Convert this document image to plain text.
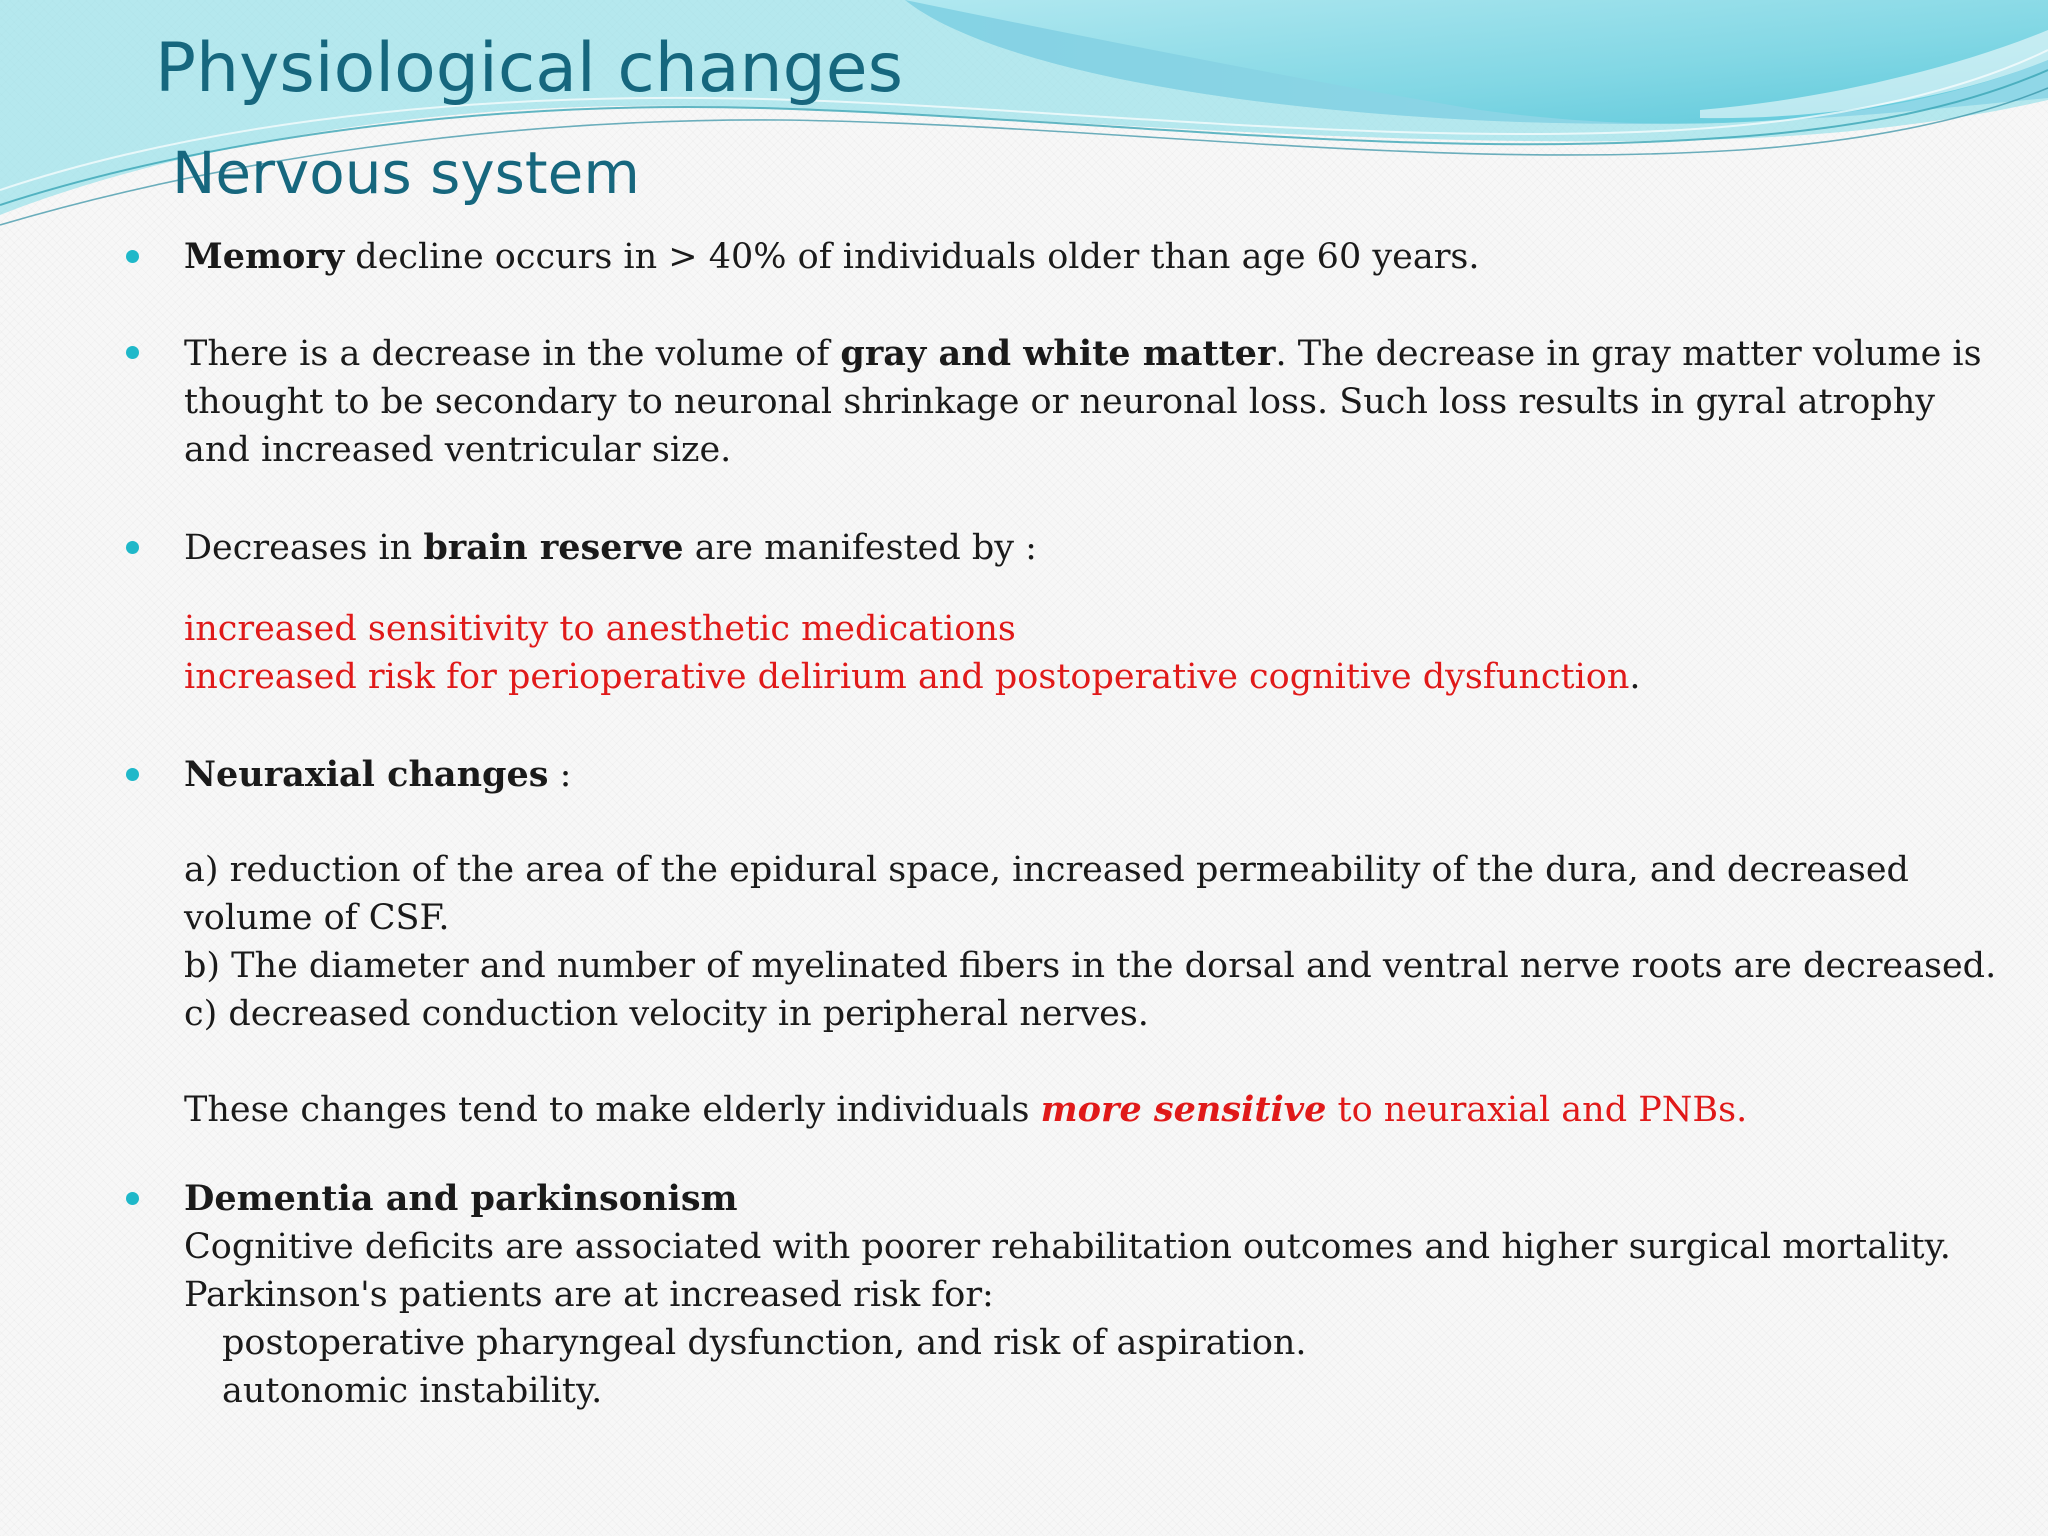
Physiological changes
Nervous system

Memory decline occurs in > 40% of individuals older than age 60 years.

There is a decrease in the volume of gray and white matter. The decrease in gray matter volume is

thought to be secondary to neuronal shrinkage or neuronal loss. Such loss results in gyral atrophy

and increased ventricular size.

Decreases in brain reserve are manifested by :

increased sensitivity to anesthetic medications

increased risk for perioperative delirium and postoperative cognitive dysfunction.

Neuraxial changes :

a) reduction of the area of the epidural space, increased permeability of the dura, and decreased

volume of CSF.

b) The diameter and number of myelinated fibers in the dorsal and ventral nerve roots are decreased.

c) decreased conduction velocity in peripheral nerves.

These changes tend to make elderly individuals more sensitive to neuraxial and PNBs.

Dementia and parkinsonism

Cognitive deficits are associated with poorer rehabilitation outcomes and higher surgical mortality.

Parkinson's patients are at increased risk for:

postoperative pharyngeal dysfunction, and risk of aspiration.

autonomic instability.
